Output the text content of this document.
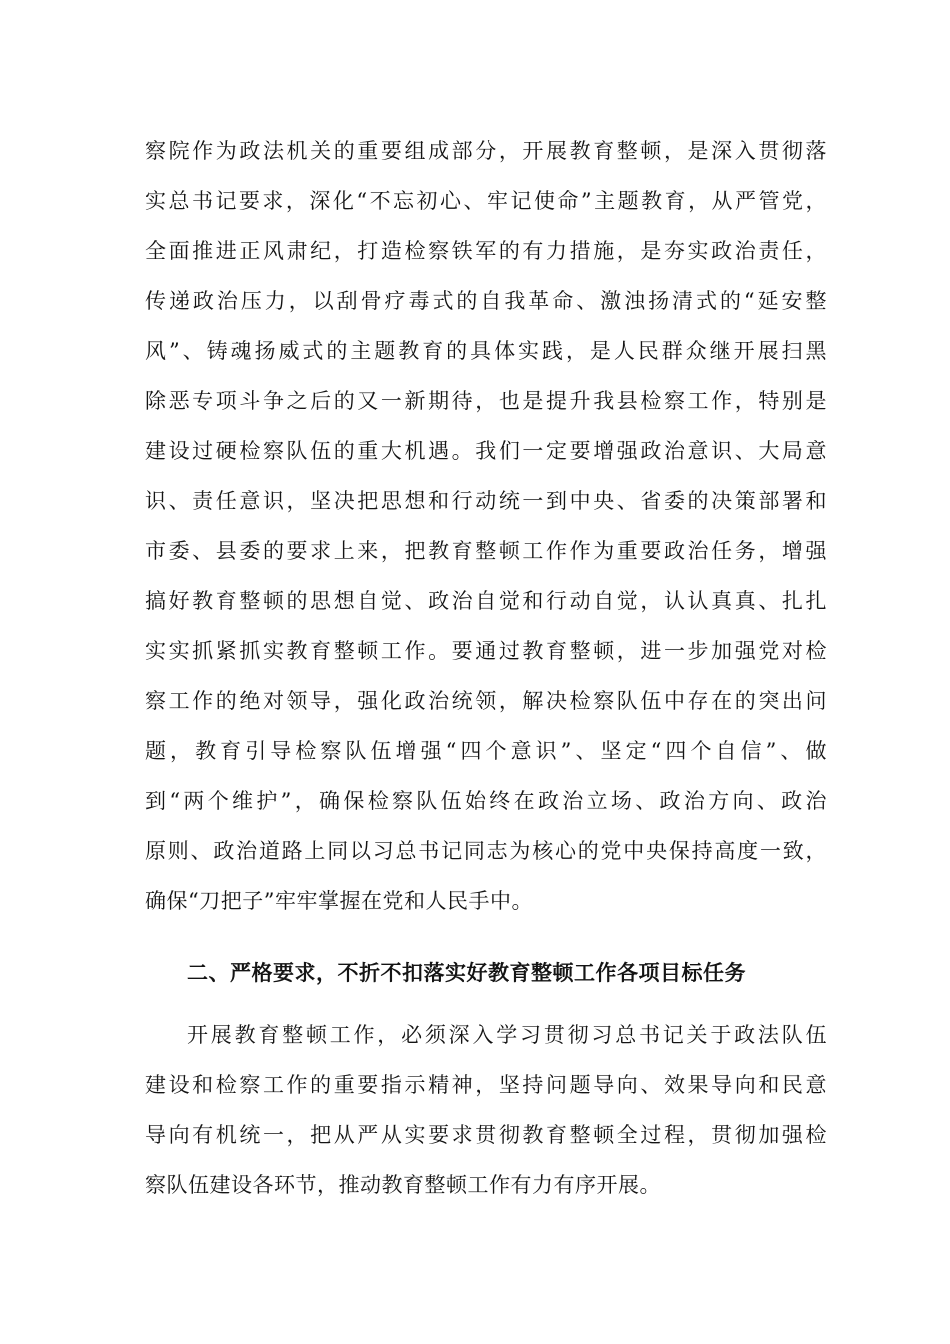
察院作为政法机关的重要组成部分，开展教育整顿，是深入贯彻落
实总书记要求，深化“不忘初心、牢记使命”主题教育，从严管党，
全面推进正风肃纪，打造检察铁军的有力措施，是夯实政治责任，
传递政治压力，以刮骨疗毒式的自我革命、激浊扬清式的“延安整
风”、铸魂扬威式的主题教育的具体实践，是人民群众继开展扫黑
除恶专项斗争之后的又一新期待，也是提升我县检察工作，特别是
建设过硬检察队伍的重大机遇。我们一定要增强政治意识、大局意
识、责任意识，坚决把思想和行动统一到中央、省委的决策部署和
市委、县委的要求上来，把教育整顿工作作为重要政治任务，增强
搞好教育整顿的思想自觉、政治自觉和行动自觉，认认真真、扎扎
实实抓紧抓实教育整顿工作。要通过教育整顿，进一步加强党对检
察工作的绝对领导，强化政治统领，解决检察队伍中存在的突出问
题，教育引导检察队伍增强“四个意识”、坚定“四个自信”、做
到“两个维护”，确保检察队伍始终在政治立场、政治方向、政治
原则、政治道路上同以习总书记同志为核心的党中央保持高度一致，
确保“刀把子”牢牢掌握在党和人民手中。
二、严格要求，不折不扣落实好教育整顿工作各项目标任务
开展教育整顿工作，必须深入学习贯彻习总书记关于政法队伍
建设和检察工作的重要指示精神，坚持问题导向、效果导向和民意
导向有机统一，把从严从实要求贯彻教育整顿全过程，贯彻加强检
察队伍建设各环节，推动教育整顿工作有力有序开展。
